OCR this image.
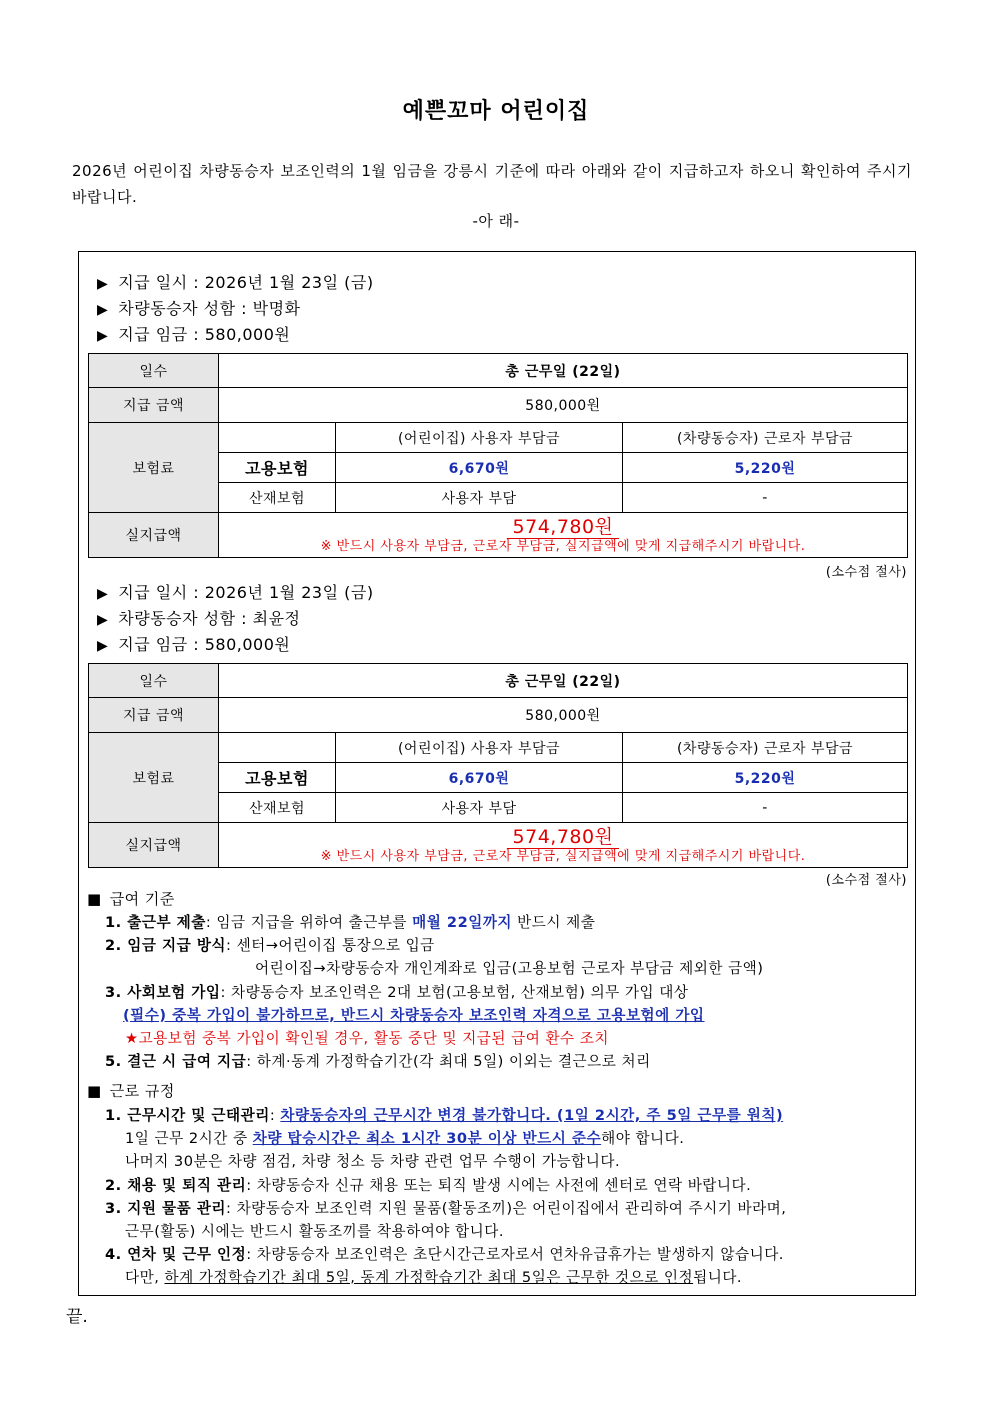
예쁜꼬마 어린이집
2026년 어린이집 차량동승자 보조인력의 1월 임금을 강릉시 기준에 따라 아래와 같이 지급하고자 하오니 확인하여 주시기 바랍니다.
-아 래-
▶ 지급 일시 : 2026년 1월 23일 (금)
▶ 차량동승자 성함 : 박명화
▶ 지급 임금 : 580,000원
일수	총 근무일 (22일)		
지급 금액	580,000원		
보험료		(어린이집) 사용자 부담금	(차량동승자) 근로자 부담금
	고용보험	6,670원	5,220원
	산재보험	사용자 부담	-
실지급액	574,780원
※ 반드시 사용자 부담금, 근로자 부담금, 실지급액에 맞게 지급해주시기 바랍니다.		
(소수점 절사)
▶ 지급 일시 : 2026년 1월 23일 (금)
▶ 차량동승자 성함 : 최윤정
▶ 지급 임금 : 580,000원
일수	총 근무일 (22일)		
지급 금액	580,000원		
보험료		(어린이집) 사용자 부담금	(차량동승자) 근로자 부담금
	고용보험	6,670원	5,220원
	산재보험	사용자 부담	-
실지급액	574,780원
※ 반드시 사용자 부담금, 근로자 부담금, 실지급액에 맞게 지급해주시기 바랍니다.		
(소수점 절사)
■ 급여 기준
1. 출근부 제출: 임금 지급을 위하여 출근부를 매월 22일까지 반드시 제출
2. 임금 지급 방식: 센터→어린이집 통장으로 입금
어린이집→차량동승자 개인계좌로 입금(고용보험 근로자 부담금 제외한 금액)
3. 사회보험 가입: 차량동승자 보조인력은 2대 보험(고용보험, 산재보험) 의무 가입 대상
(필수) 중복 가입이 불가하므로, 반드시 차량동승자 보조인력 자격으로 고용보험에 가입
★고용보험 중복 가입이 확인될 경우, 활동 중단 및 지급된 급여 환수 조치
5. 결근 시 급여 지급: 하계·동계 가정학습기간(각 최대 5일) 이외는 결근으로 처리
■ 근로 규정
1. 근무시간 및 근태관리: 차량동승자의 근무시간 변경 불가합니다. (1일 2시간, 주 5일 근무를 원칙)
1일 근무 2시간 중 차량 탑승시간은 최소 1시간 30분 이상 반드시 준수해야 합니다.
나머지 30분은 차량 점검, 차량 청소 등 차량 관련 업무 수행이 가능합니다.
2. 채용 및 퇴직 관리: 차량동승자 신규 채용 또는 퇴직 발생 시에는 사전에 센터로 연락 바랍니다.
3. 지원 물품 관리: 차량동승자 보조인력 지원 물품(활동조끼)은 어린이집에서 관리하여 주시기 바라며,
근무(활동) 시에는 반드시 활동조끼를 착용하여야 합니다.
4. 연차 및 근무 인정: 차량동승자 보조인력은 초단시간근로자로서 연차유급휴가는 발생하지 않습니다.
다만, 하계 가정학습기간 최대 5일, 동계 가정학습기간 최대 5일은 근무한 것으로 인정됩니다.
끝.
